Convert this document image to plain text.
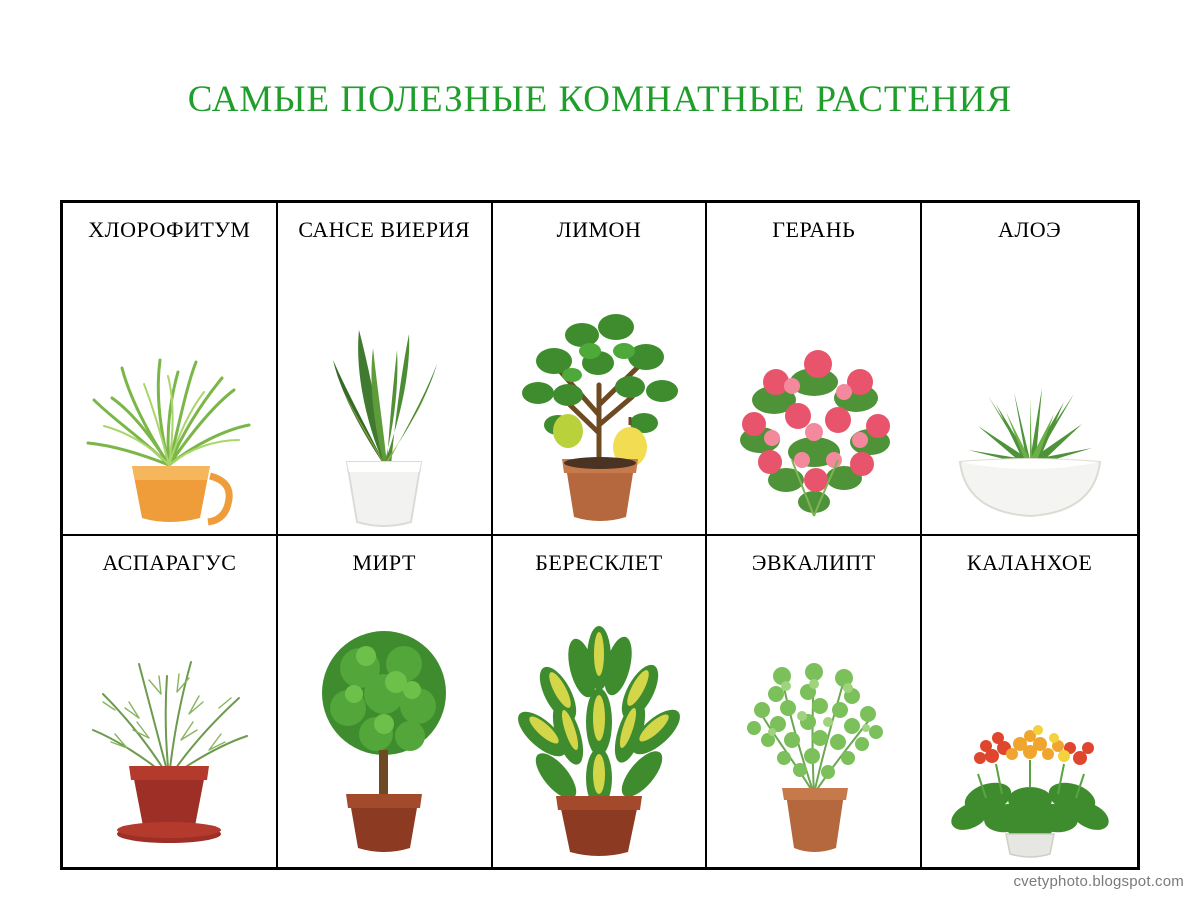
САМЫЕ ПОЛЕЗНЫЕ КОМНАТНЫЕ РАСТЕНИЯ
ХЛОРОФИТУМ	САНСЕ ВИЕРИЯ	ЛИМОН	ГЕРАНЬ	АЛОЭ
АСПАРАГУС	МИРТ	БЕРЕСКЛЕТ	ЭВКАЛИПТ	КАЛАНХОЕ
cvetyphoto.blogspot.com
